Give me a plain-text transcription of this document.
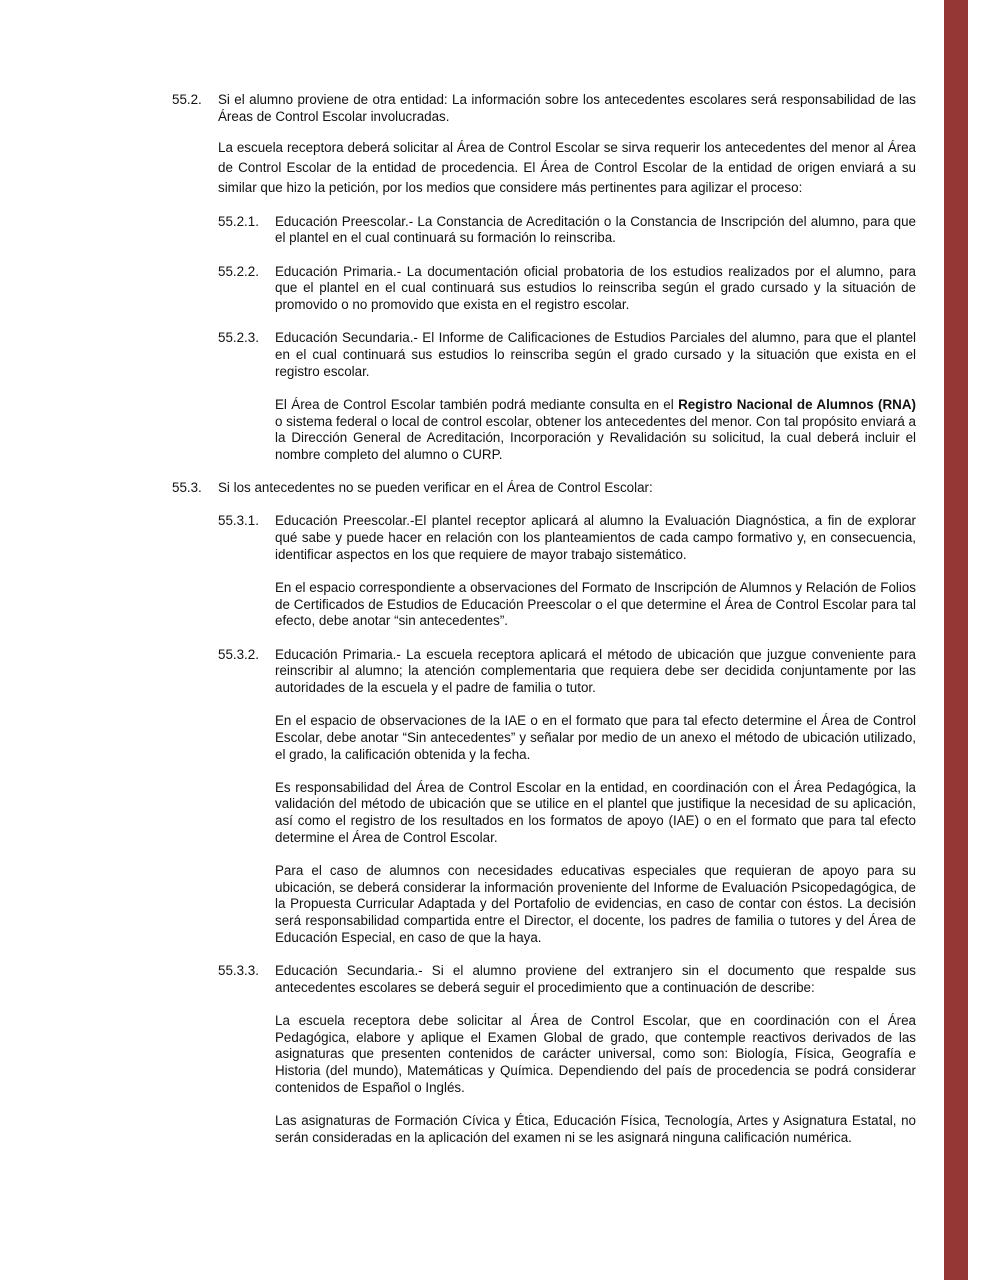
55.2.	Si el alumno proviene de otra entidad: La información sobre los antecedentes escolares será responsabilidad de las Áreas de Control Escolar involucradas.
La escuela receptora deberá solicitar al Área de Control Escolar se sirva requerir los antecedentes del menor al Área de Control Escolar de la entidad de procedencia. El Área de Control Escolar de la entidad de origen enviará a su similar que hizo la petición, por los medios que considere más pertinentes para agilizar el proceso:
55.2.1.	Educación Preescolar.- La Constancia de Acreditación o la Constancia de Inscripción del alumno, para que el plantel en el cual continuará su formación lo reinscriba.
55.2.2.	Educación Primaria.- La documentación oficial probatoria de los estudios realizados por el alumno, para que el plantel en el cual continuará sus estudios lo reinscriba según el grado cursado y la situación de promovido o no promovido que exista en el registro escolar.
55.2.3.	Educación Secundaria.- El Informe de Calificaciones de Estudios Parciales del alumno, para que el plantel en el cual continuará sus estudios lo reinscriba según el grado cursado y la situación que exista en el registro escolar.
El Área de Control Escolar también podrá mediante consulta en el Registro Nacional de Alumnos (RNA) o sistema federal o local de control escolar, obtener los antecedentes del menor. Con tal propósito enviará a la Dirección General de Acreditación, Incorporación y Revalidación su solicitud, la cual deberá incluir el nombre completo del alumno o CURP.
55.3.	Si los antecedentes no se pueden verificar en el Área de Control Escolar:
55.3.1.	Educación Preescolar.-El plantel receptor aplicará al alumno la Evaluación Diagnóstica, a fin de explorar qué sabe y puede hacer en relación con los planteamientos de cada campo formativo y, en consecuencia, identificar aspectos en los que requiere de mayor trabajo sistemático.
En el espacio correspondiente a observaciones del Formato de Inscripción de Alumnos y Relación de Folios de Certificados de Estudios de Educación Preescolar o el que determine el Área de Control Escolar para tal efecto, debe anotar “sin antecedentes”.
55.3.2.	Educación Primaria.- La escuela receptora aplicará el método de ubicación que juzgue conveniente para reinscribir al alumno; la atención complementaria que requiera debe ser decidida conjuntamente por las autoridades de la escuela y el padre de familia o tutor.
En el espacio de observaciones de la IAE o en el formato que para tal efecto determine el Área de Control Escolar, debe anotar “Sin antecedentes” y señalar por medio de un anexo el método de ubicación utilizado, el grado, la calificación obtenida y la fecha.
Es responsabilidad del Área de Control Escolar en la entidad, en coordinación con el Área Pedagógica, la validación del método de ubicación que se utilice en el plantel que justifique la necesidad de su aplicación, así como el registro de los resultados en los formatos de apoyo (IAE) o en el formato que para tal efecto determine el Área de Control Escolar.
Para el caso de alumnos con necesidades educativas especiales que requieran de apoyo para su ubicación, se deberá considerar la información proveniente del Informe de Evaluación Psicopedagógica, de la Propuesta Curricular Adaptada y del Portafolio de evidencias, en caso de contar con éstos. La decisión será responsabilidad compartida entre el Director, el docente, los padres de familia o tutores y del Área de Educación Especial, en caso de que la haya.
55.3.3.	Educación Secundaria.- Si el alumno proviene del extranjero sin el documento que respalde sus antecedentes escolares se deberá seguir el procedimiento que a continuación de describe:
La escuela receptora debe solicitar al Área de Control Escolar, que en coordinación con el Área Pedagógica, elabore y aplique el Examen Global de grado, que contemple reactivos derivados de las asignaturas que presenten contenidos de carácter universal, como son: Biología, Física, Geografía e Historia (del mundo), Matemáticas y Química. Dependiendo del país de procedencia se podrá considerar contenidos de Español o Inglés.
Las asignaturas de Formación Cívica y Ética, Educación Física, Tecnología, Artes y Asignatura Estatal, no serán consideradas en la aplicación del examen ni se les asignará ninguna calificación numérica.
